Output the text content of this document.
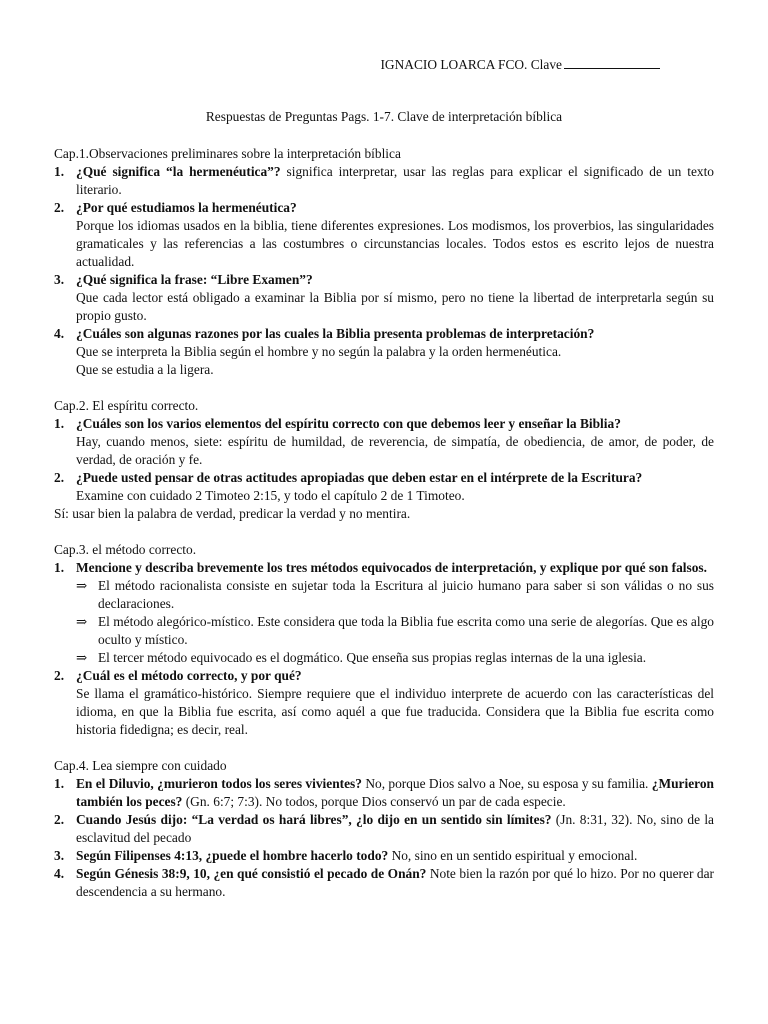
IGNACIO LOARCA FCO. Clave
Respuestas de Preguntas Pags. 1-7. Clave de interpretación bíblica

Cap.1.Observaciones preliminares sobre la interpretación bíblica

1. ¿Qué significa “la hermenéutica”? significa interpretar, usar las reglas para explicar el significado de un texto literario.
2. ¿Por qué estudiamos la hermenéutica?

Porque los idiomas usados en la biblia, tiene diferentes expresiones. Los modismos, los proverbios, las singularidades gramaticales y las referencias a las costumbres o circunstancias locales. Todos estos es escrito lejos de nuestra actualidad.

3. ¿Qué significa la frase: “Libre Examen”?

Que cada lector está obligado a examinar la Biblia por sí mismo, pero no tiene la libertad de interpretarla según su propio gusto.

4. ¿Cuáles son algunas razones por las cuales la Biblia presenta problemas de interpretación?

Que se interpreta la Biblia según el hombre y no según la palabra y la orden hermenéutica.

Que se estudia a la ligera.

Cap.2. El espíritu correcto.

1. ¿Cuáles son los varios elementos del espíritu correcto con que debemos leer y enseñar la Biblia?

Hay, cuando menos, siete: espíritu de humildad, de reverencia, de simpatía, de obediencia, de amor, de poder, de verdad, de oración y fe.

2. ¿Puede usted pensar de otras actitudes apropiadas que deben estar en el intérprete de la Escritura?

Examine con cuidado 2 Timoteo 2:15, y todo el capítulo 2 de 1 Timoteo.

Sí: usar bien la palabra de verdad, predicar la verdad y no mentira.

Cap.3. el método correcto.

1. Mencione y describa brevemente los tres métodos equivocados de interpretación, y explique por qué son falsos.
⇒ El método racionalista consiste en sujetar toda la Escritura al juicio humano para saber si son válidas o no sus declaraciones.
⇒ El método alegórico-místico. Este considera que toda la Biblia fue escrita como una serie de alegorías. Que es algo oculto y místico.
⇒ El tercer método equivocado es el dogmático. Que enseña sus propias reglas internas de la una iglesia.
2. ¿Cuál es el método correcto, y por qué?

Se llama el gramático-histórico. Siempre requiere que el individuo interprete de acuerdo con las características del idioma, en que la Biblia fue escrita, así como aquél a que fue traducida. Considera que la Biblia fue escrita como historia fidedigna; es decir, real.

Cap.4. Lea siempre con cuidado

1. En el Diluvio, ¿murieron todos los seres vivientes? No, porque Dios salvo a Noe, su esposa y su familia. ¿Murieron también los peces? (Gn. 6:7; 7:3). No todos, porque Dios conservó un par de cada especie.
2. Cuando Jesús dijo: “La verdad os hará libres”, ¿lo dijo en un sentido sin límites? (Jn. 8:31, 32). No, sino de la esclavitud del pecado
3. Según Filipenses 4:13, ¿puede el hombre hacerlo todo? No, sino en un sentido espiritual y emocional.
4. Según Génesis 38:9, 10, ¿en qué consistió el pecado de Onán? Note bien la razón por qué lo hizo. Por no querer dar descendencia a su hermano.
